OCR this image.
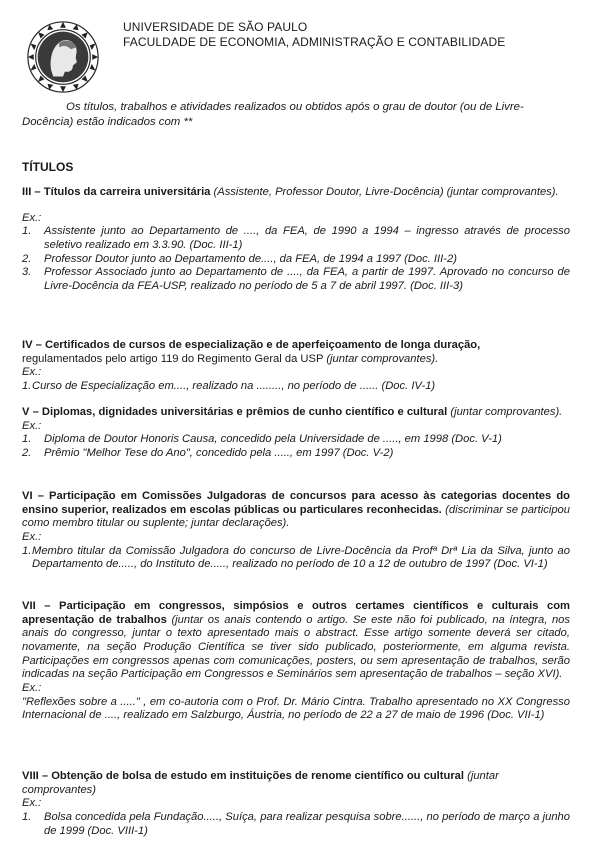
UNIVERSIDADE DE SÃO PAULO
FACULDADE DE ECONOMIA, ADMINISTRAÇÃO E CONTABILIDADE
Os títulos, trabalhos e atividades realizados ou obtidos após o grau de doutor (ou de Livre-Docência) estão indicados com **
TÍTULOS

III – Títulos da carreira universitária (Assistente, Professor Doutor, Livre-Docência) (juntar comprovantes).

Ex.:

1.	Assistente junto ao Departamento de ...., da FEA, de 1990 a 1994 – ingresso através de processo seletivo realizado em 3.3.90. (Doc. III-1)
2.	Professor Doutor junto ao Departamento de...., da FEA, de 1994 a 1997 (Doc. III-2)
3.	Professor Associado junto ao Departamento de ...., da FEA, a partir de 1997. Aprovado no concurso de Livre-Docência da FEA-USP, realizado no período de 5 a 7 de abril 1997. (Doc. III-3)

IV – Certificados de cursos de especialização e de aperfeiçoamento de longa duração,

regulamentados pelo artigo 119 do Regimento Geral da USP (juntar comprovantes).

Ex.:

1. Curso de Especialização em...., realizado na ........, no período de ...... (Doc. IV-1)

V – Diplomas, dignidades universitárias e prêmios de cunho científico e cultural (juntar comprovantes).

Ex.:

1.	Diploma de Doutor Honoris Causa, concedido pela Universidade de ....., em 1998 (Doc. V-1)
2.	Prêmio "Melhor Tese do Ano", concedido pela ....., em 1997 (Doc. V-2)

VI – Participação em Comissões Julgadoras de concursos para acesso às categorias docentes do ensino superior, realizados em escolas públicas ou particulares reconhecidas. (discriminar se participou como membro titular ou suplente; juntar declarações).

Ex.:

1. Membro titular da Comissão Julgadora do concurso de Livre-Docência da Profª Drª Lia da Silva, junto ao Departamento de....., do Instituto de....., realizado no período de 10 a 12 de outubro de 1997 (Doc. VI-1)

VII – Participação em congressos, simpósios e outros certames científicos e culturais com apresentação de trabalhos (juntar os anais contendo o artigo. Se este não foi publicado, na íntegra, nos anais do congresso, juntar o texto apresentado mais o abstract. Esse artigo somente deverá ser citado, novamente, na seção Produção Científica se tiver sido publicado, posteriormente, em alguma revista. Participações em congressos apenas com comunicações, posters, ou sem apresentação de trabalhos, serão indicadas na seção Participação em Congressos e Seminários sem apresentação de trabalhos – seção XVI).

Ex.:

"Reflexões sobre a ....." , em co-autoria com o Prof. Dr. Mário Cintra. Trabalho apresentado no XX Congresso Internacional de ...., realizado em Salzburgo, Áustria, no período de 22 a 27 de maio de 1996 (Doc. VII-1)

VIII – Obtenção de bolsa de estudo em instituições de renome científico ou cultural (juntar comprovantes)

Ex.:

1.	Bolsa concedida pela Fundação....., Suíça, para realizar pesquisa sobre......, no período de março a junho de 1999 (Doc. VIII-1)
